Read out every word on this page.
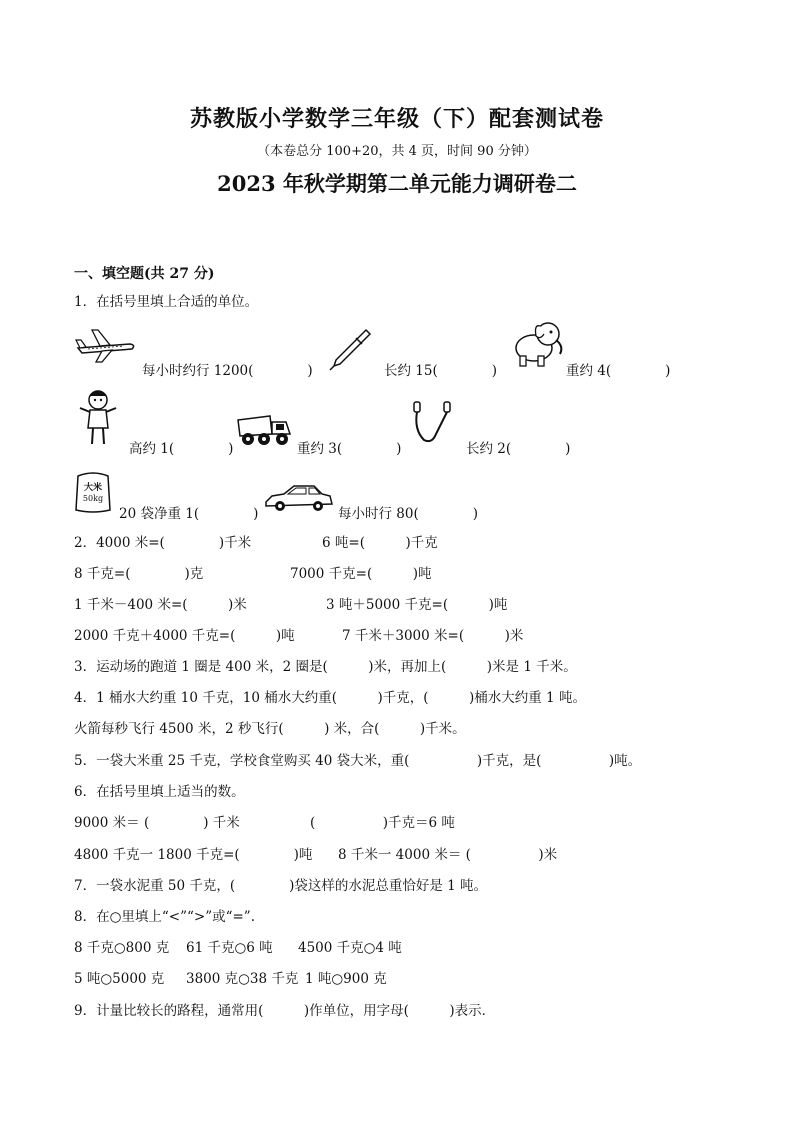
苏教版小学数学三年级（下）配套测试卷
（本卷总分 100+20，共 4 页，时间 90 分钟）
2023 年秋学期第二单元能力调研卷二
一、填空题(共 27 分)
1．在括号里填上合适的单位。
每小时约行 1200(　　　　)	长约 15(　　　　)	重约 4(　　　　)
高约 1(　　　　)	重约 3(　　　　)	长约 2(　　　　)
大米
50kg
20 袋净重 1(　　　　)	每小时行 80(　　　　)
2．4000 米=(　　　　)千米	6 吨=(　　　)千克
8 千克=(　　　　)克	7000 千克=(　　　)吨
1 千米－400 米=(　　　)米	3 吨＋5000 千克=(　　　)吨
2000 千克＋4000 千克=(　　　)吨	7 千米＋3000 米=(　　　)米
3．运动场的跑道 1 圈是 400 米，2 圈是(　　　)米，再加上(　　　)米是 1 千米。
4．1 桶水大约重 10 千克，10 桶水大约重(　　　)千克，(　　　)桶水大约重 1 吨。
火箭每秒飞行 4500 米，2 秒飞行(　　　) 米，合(　　　)千米。
5．一袋大米重 25 千克，学校食堂购买 40 袋大米，重(　　　　　)千克，是(　　　　　)吨。
6．在括号里填上适当的数。
9000 米＝ (　　　　) 千米	(　　　　　)千克＝6 吨
4800 千克一 1800 千克=(　　　　)吨 8 千米一 4000 米＝ (　　　　　)米
7．一袋水泥重 50 千克，(　　　　)袋这样的水泥总重恰好是 1 吨。
8．在○里填上“<”“>”或“=”.
8 千克○800 克 61 千克○6 吨 4500 千克○4 吨
5 吨○5000 克 3800 克○38 千克 1 吨○900 克
9．计量比较长的路程，通常用(　　　)作单位，用字母(　　　)表示．
